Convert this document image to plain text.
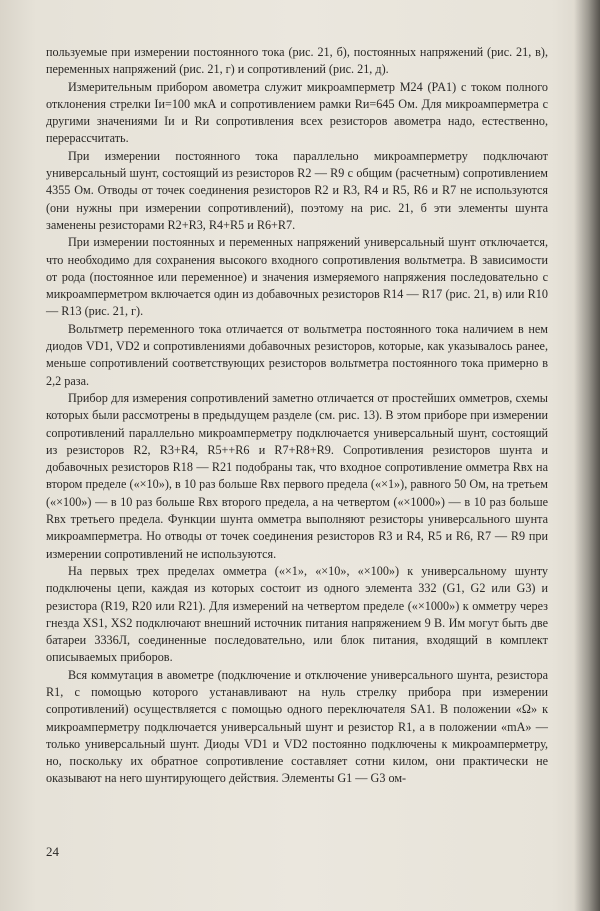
пользуемые при измерении постоянного тока (рис. 21, б), постоянных напряжений (рис. 21, в), переменных напряжений (рис. 21, г) и сопротивлений (рис. 21, д).

Измерительным прибором авометра служит микроамперметр М24 (PA1) с током полного отклонения стрелки Iи=100 мкА и сопротивлением рамки Rи=645 Ом. Для микроамперметра с другими значениями Iи и Rи сопротивления всех резисторов авометра надо, естественно, перерассчитать.

При измерении постоянного тока параллельно микроамперметру подключают универсальный шунт, состоящий из резисторов R2 — R9 с общим (расчетным) сопротивлением 4355 Ом. Отводы от точек соединения резисторов R2 и R3, R4 и R5, R6 и R7 не используются (они нужны при измерении сопротивлений), поэтому на рис. 21, б эти элементы шунта заменены резисторами R2+R3, R4+R5 и R6+R7.

При измерении постоянных и переменных напряжений универсальный шунт отключается, что необходимо для сохранения высокого входного сопротивления вольтметра. В зависимости от рода (постоянное или переменное) и значения измеряемого напряжения последовательно с микроамперметром включается один из добавочных резисторов R14 — R17 (рис. 21, в) или R10 — R13 (рис. 21, г).

Вольтметр переменного тока отличается от вольтметра постоянного тока наличием в нем диодов VD1, VD2 и сопротивлениями добавочных резисторов, которые, как указывалось ранее, меньше сопротивлений соответствующих резисторов вольтметра постоянного тока примерно в 2,2 раза.

Прибор для измерения сопротивлений заметно отличается от простейших омметров, схемы которых были рассмотрены в предыдущем разделе (см. рис. 13). В этом приборе при измерении сопротивлений параллельно микроамперметру подключается универсальный шунт, состоящий из резисторов R2, R3+R4, R5++R6 и R7+R8+R9. Сопротивления резисторов шунта и добавочных резисторов R18 — R21 подобраны так, что входное сопротивление омметра Rвх на втором пределе («×10»), в 10 раз больше Rвх первого предела («×1»), равного 50 Ом, на третьем («×100») — в 10 раз больше Rвх второго предела, а на четвертом («×1000») — в 10 раз больше Rвх третьего предела. Функции шунта омметра выполняют резисторы универсального шунта микроамперметра. Но отводы от точек соединения резисторов R3 и R4, R5 и R6, R7 — R9 при измерении сопротивлений не используются.

На первых трех пределах омметра («×1», «×10», «×100») к универсальному шунту подключены цепи, каждая из которых состоит из одного элемента 332 (G1, G2 или G3) и резистора (R19, R20 или R21). Для измерений на четвертом пределе («×1000») к омметру через гнезда XS1, XS2 подключают внешний источник питания напряжением 9 В. Им могут быть две батареи 3336Л, соединенные последовательно, или блок питания, входящий в комплект описываемых приборов.

Вся коммутация в авометре (подключение и отключение универсального шунта, резистора R1, с помощью которого устанавливают на нуль стрелку прибора при измерении сопротивлений) осуществляется с помощью одного переключателя SA1. В положении «Ω» к микроамперметру подключается универсальный шунт и резистор R1, а в положении «mA» — только универсальный шунт. Диоды VD1 и VD2 постоянно подключены к микроамперметру, но, поскольку их обратное сопротивление составляет сотни килом, они практически не оказывают на него шунтирующего действия. Элементы G1 — G3 ом-

24
